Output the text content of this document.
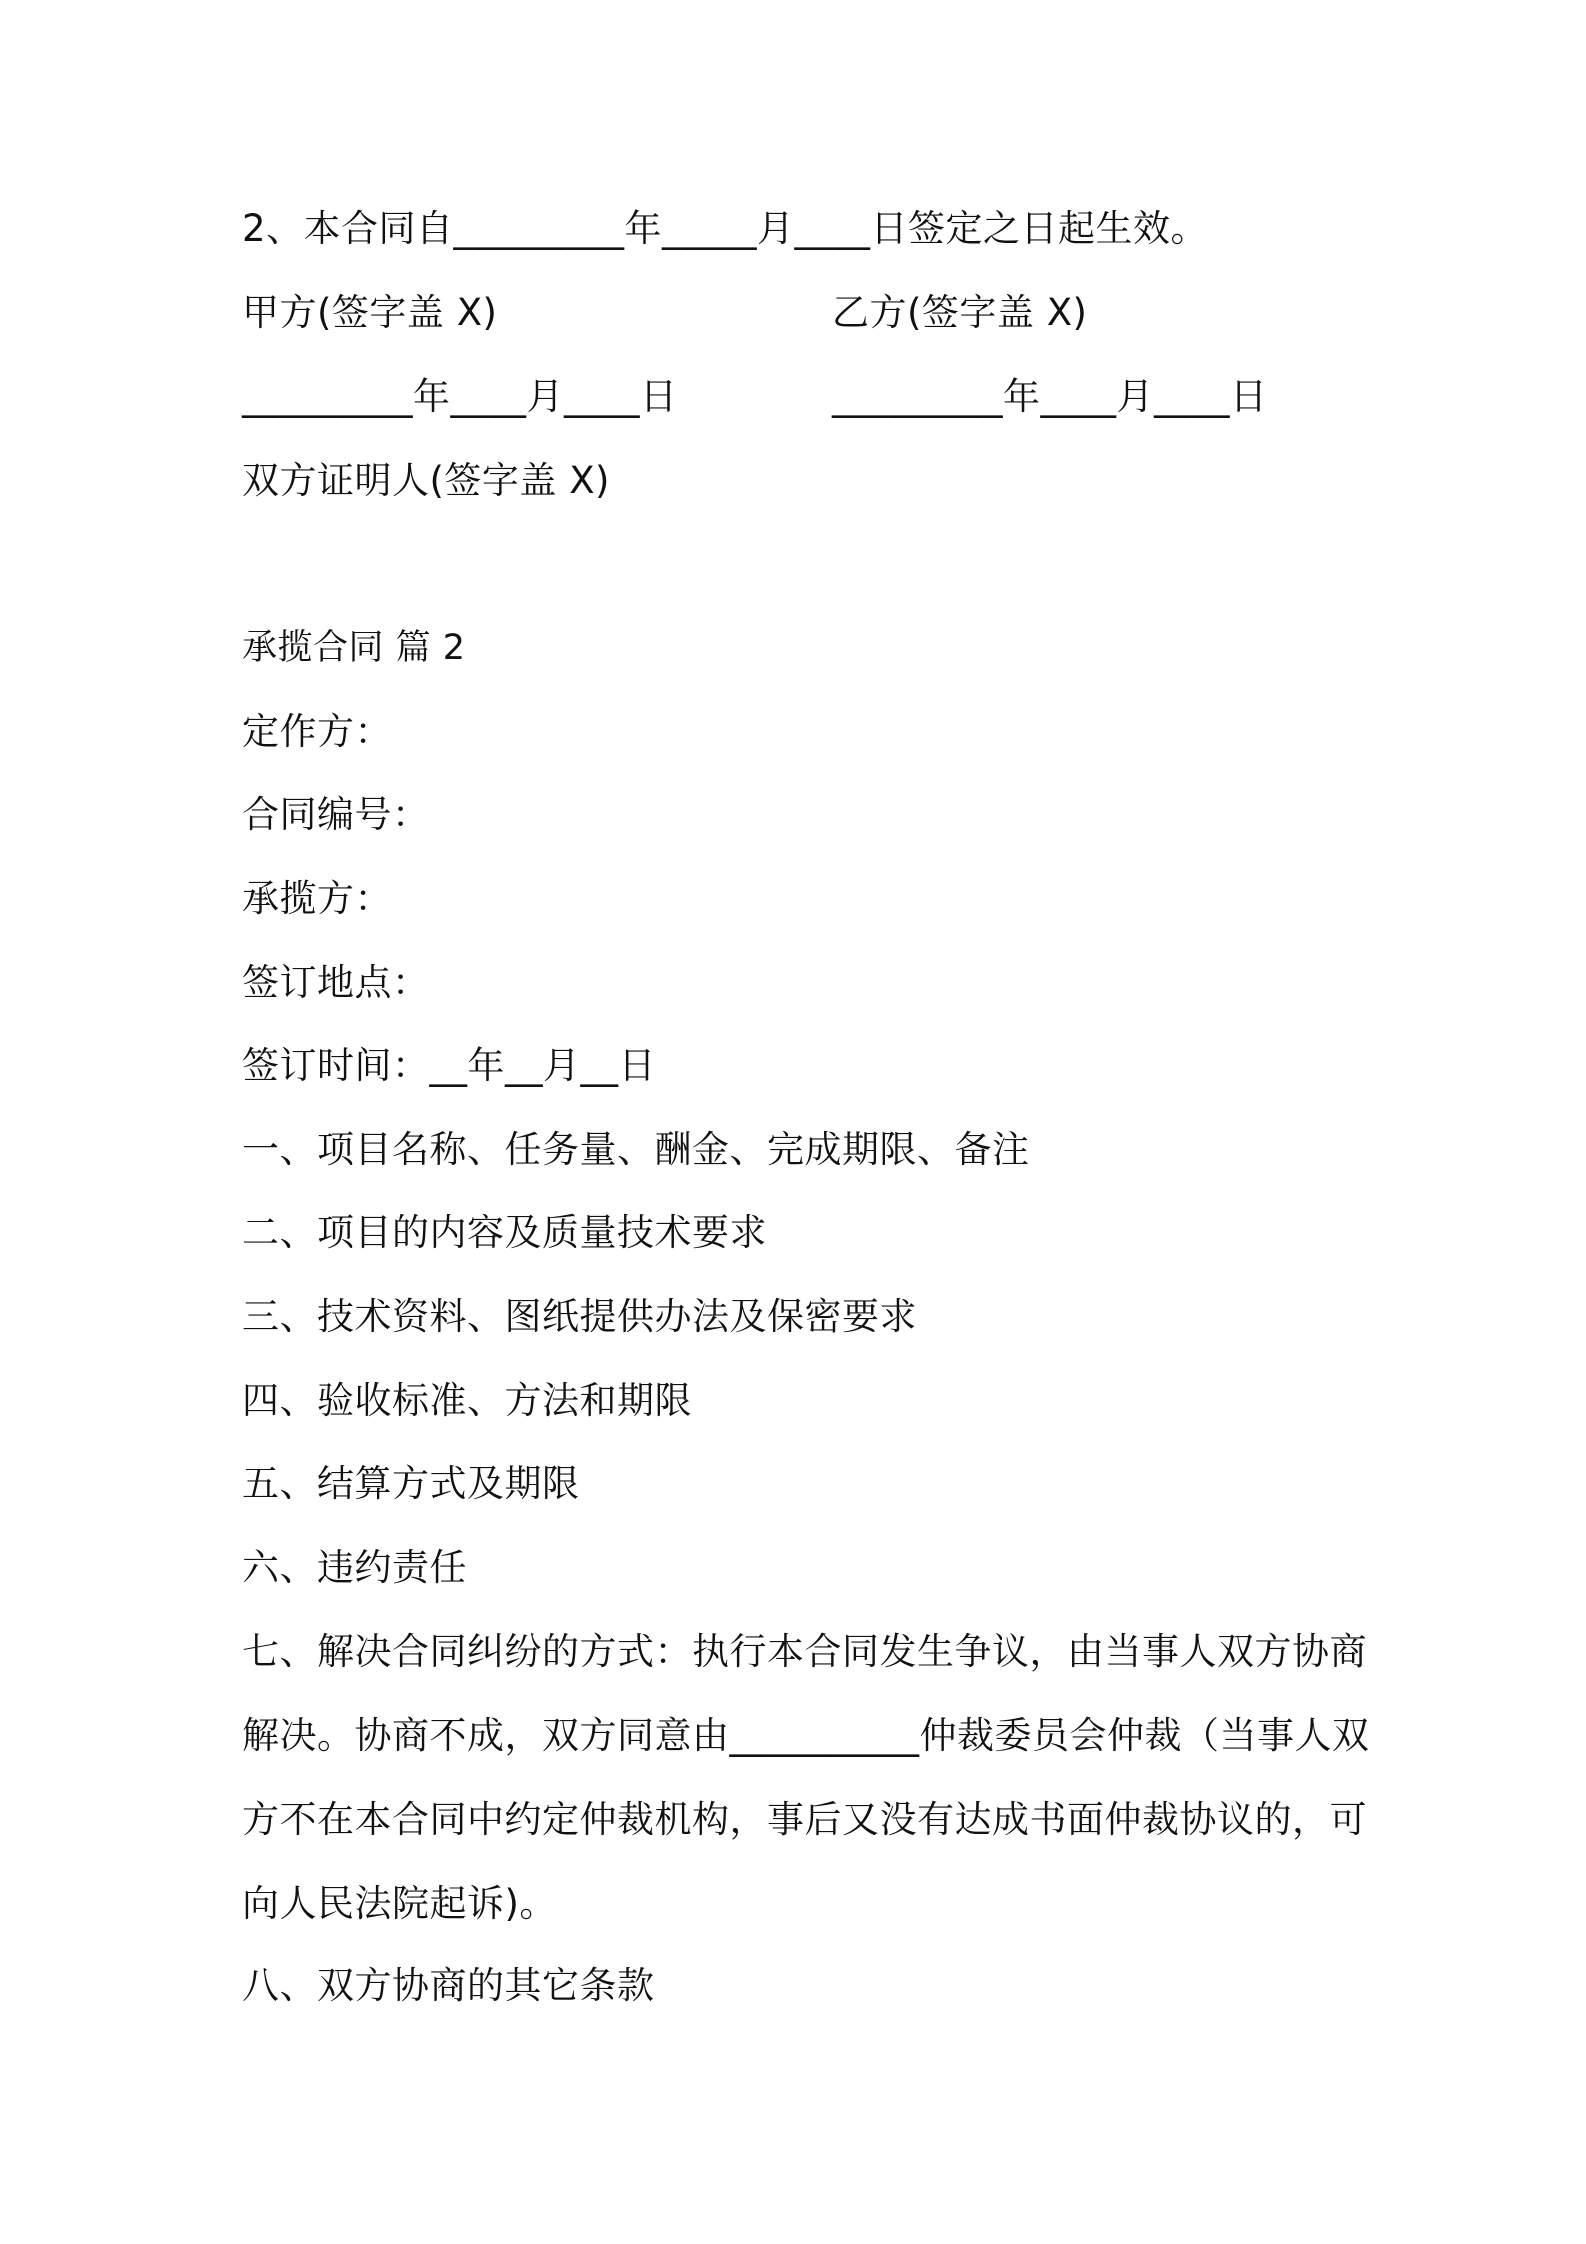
2、本合同自_________年_____月____日签定之日起生效。
甲方(签字盖 X)	乙方(签字盖 X)
_________年____月____日	_________年____月____日
双方证明人(签字盖 X)
承揽合同 篇 2
定作方：
合同编号：
承揽方：
签订地点：
签订时间：__年__月__日
一、项目名称、任务量、酬金、完成期限、备注
二、项目的内容及质量技术要求
三、技术资料、图纸提供办法及保密要求
四、验收标准、方法和期限
五、结算方式及期限
六、违约责任
七、解决合同纠纷的方式：执行本合同发生争议，由当事人双方协商
解决。协商不成，双方同意由__________仲裁委员会仲裁（当事人双
方不在本合同中约定仲裁机构，事后又没有达成书面仲裁协议的，可
向人民法院起诉)。
八、双方协商的其它条款
